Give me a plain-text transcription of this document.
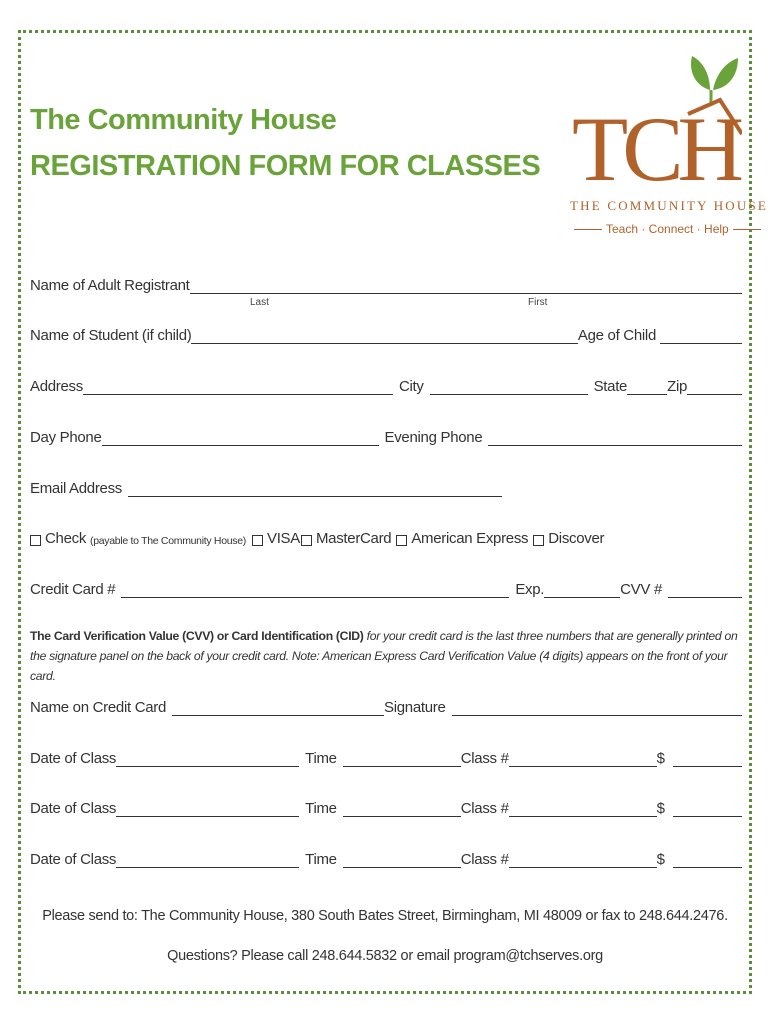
The Community House
REGISTRATION FORM FOR CLASSES TCH
THE COMMUNITY HOUSE
Teach · Connect · Help
Name of Adult Registrant
Last	First
Name of Student (if child)	Age of Child
Address	City	State	Zip
Day Phone	Evening Phone
Email Address
Check (payable to The Community House) VISA MasterCard American Express Discover
Credit Card #	Exp.	CVV #
The Card Verification Value (CVV) or Card Identification (CID) for your credit card is the last three numbers that are generally printed on the signature panel on the back of your credit card. Note: American Express Card Verification Value (4 digits) appears on the front of your card.
Name on Credit Card	Signature
Date of Class	Time	Class #	$
Date of Class	Time	Class #	$
Date of Class	Time	Class #	$
Please send to: The Community House, 380 South Bates Street, Birmingham, MI 48009 or fax to 248.644.2476.
Questions? Please call 248.644.5832 or email program@tchserves.org
